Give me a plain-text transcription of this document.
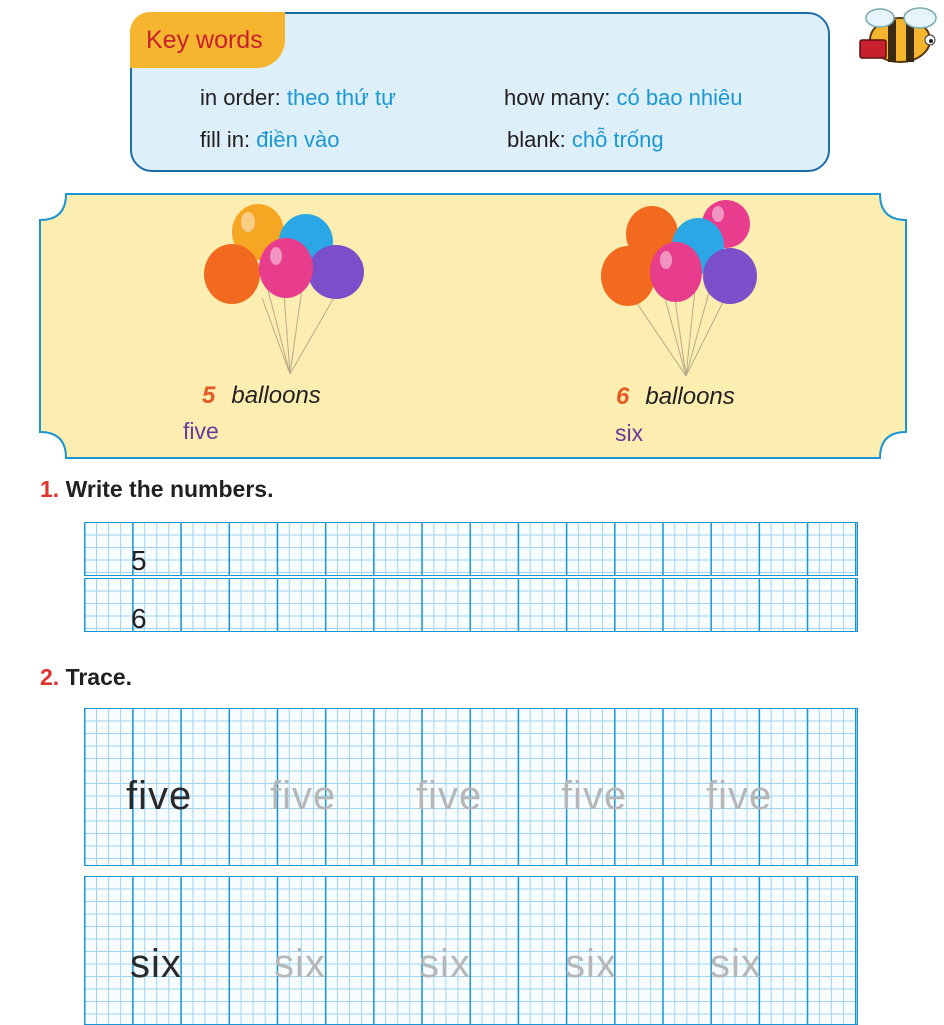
Key words
in order: theo thứ tự	how many: có bao nhiêu
fill in: điền vào	blank: chỗ trống
5 balloons
five
6 balloons
six
1. Write the numbers.
5
6
2. Trace.
five five five five five
six six six six six
